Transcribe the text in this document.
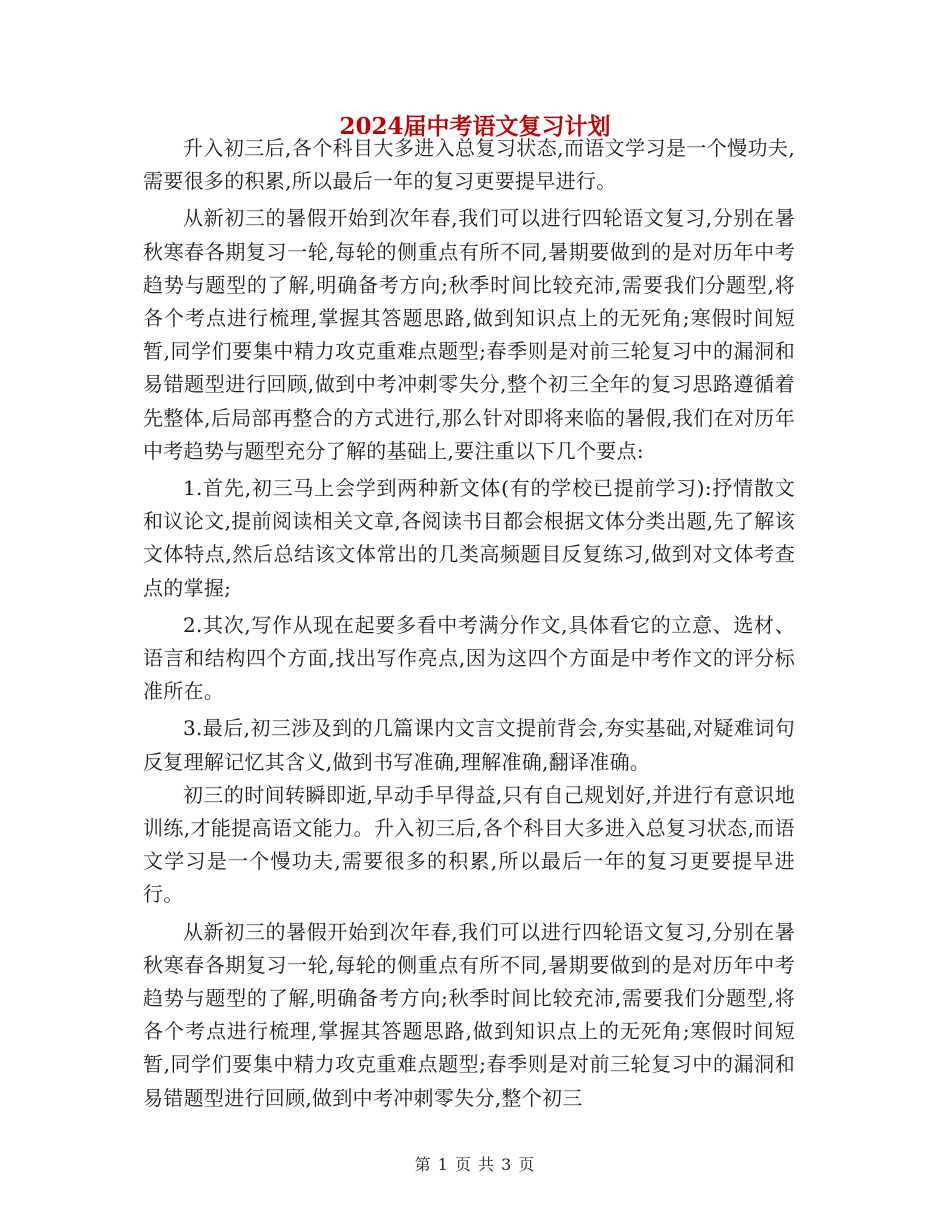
2024届中考语文复习计划

升入初三后,各个科目大多进入总复习状态,而语文学习是一个慢功夫,需要很多的积累,所以最后一年的复习更要提早进行。

从新初三的暑假开始到次年春,我们可以进行四轮语文复习,分别在暑秋寒春各期复习一轮,每轮的侧重点有所不同,暑期要做到的是对历年中考趋势与题型的了解,明确备考方向;秋季时间比较充沛,需要我们分题型,将各个考点进行梳理,掌握其答题思路,做到知识点上的无死角;寒假时间短暂,同学们要集中精力攻克重难点题型;春季则是对前三轮复习中的漏洞和易错题型进行回顾,做到中考冲刺零失分,整个初三全年的复习思路遵循着先整体,后局部再整合的方式进行,那么针对即将来临的暑假,我们在对历年中考趋势与题型充分了解的基础上,要注重以下几个要点:

1.首先,初三马上会学到两种新文体(有的学校已提前学习):抒情散文和议论文,提前阅读相关文章,各阅读书目都会根据文体分类出题,先了解该文体特点,然后总结该文体常出的几类高频题目反复练习,做到对文体考查点的掌握;

2.其次,写作从现在起要多看中考满分作文,具体看它的立意、选材、语言和结构四个方面,找出写作亮点,因为这四个方面是中考作文的评分标准所在。

3.最后,初三涉及到的几篇课内文言文提前背会,夯实基础,对疑难词句反复理解记忆其含义,做到书写准确,理解准确,翻译准确。

初三的时间转瞬即逝,早动手早得益,只有自己规划好,并进行有意识地训练,才能提高语文能力。升入初三后,各个科目大多进入总复习状态,而语文学习是一个慢功夫,需要很多的积累,所以最后一年的复习更要提早进行。

从新初三的暑假开始到次年春,我们可以进行四轮语文复习,分别在暑秋寒春各期复习一轮,每轮的侧重点有所不同,暑期要做到的是对历年中考趋势与题型的了解,明确备考方向;秋季时间比较充沛,需要我们分题型,将各个考点进行梳理,掌握其答题思路,做到知识点上的无死角;寒假时间短暂,同学们要集中精力攻克重难点题型;春季则是对前三轮复习中的漏洞和易错题型进行回顾,做到中考冲刺零失分,整个初三

第 1 页 共 3 页
